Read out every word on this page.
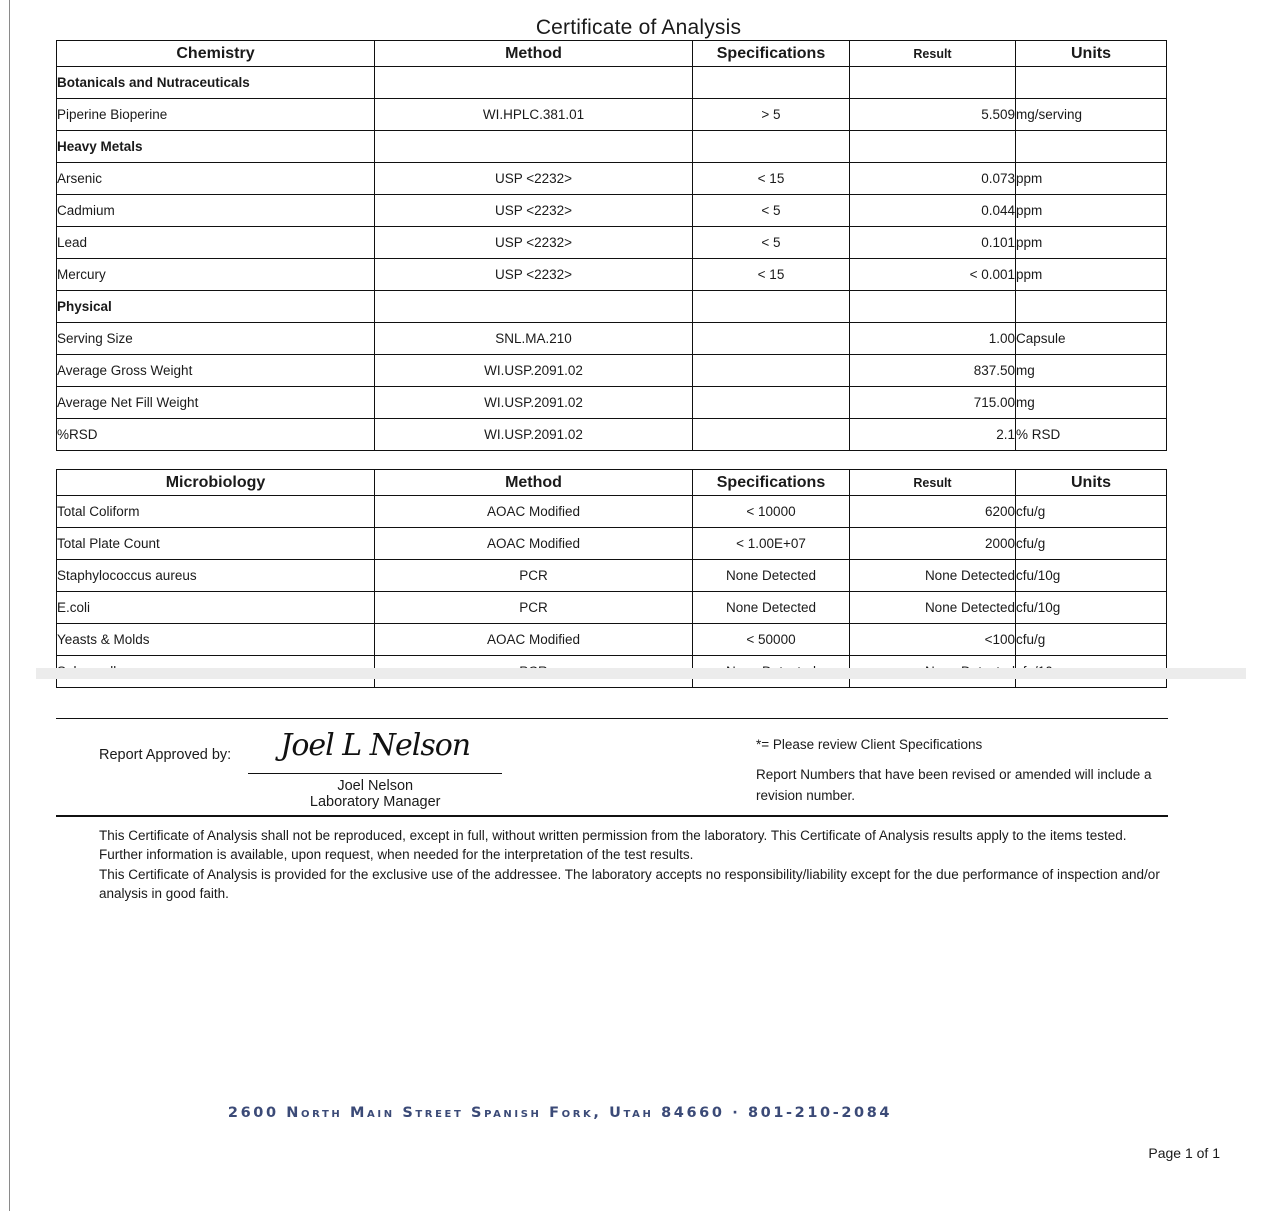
Certificate of Analysis
Chemistry	Method	Specifications	Result	Units
Botanicals and Nutraceuticals				
Piperine Bioperine	WI.HPLC.381.01	> 5	5.509	mg/serving
Heavy Metals				
Arsenic	USP <2232>	< 15	0.073	ppm
Cadmium	USP <2232>	< 5	0.044	ppm
Lead	USP <2232>	< 5	0.101	ppm
Mercury	USP <2232>	< 15	< 0.001	ppm
Physical				
Serving Size	SNL.MA.210		1.00	Capsule
Average Gross Weight	WI.USP.2091.02		837.50	mg
Average Net Fill Weight	WI.USP.2091.02		715.00	mg
%RSD	WI.USP.2091.02		2.1	% RSD
Microbiology	Method	Specifications	Result	Units
Total Coliform	AOAC Modified	< 10000	6200	cfu/g
Total Plate Count	AOAC Modified	< 1.00E+07	2000	cfu/g
Staphylococcus aureus	PCR	None Detected	None Detected	cfu/10g
E.coli	PCR	None Detected	None Detected	cfu/10g
Yeasts & Molds	AOAC Modified	< 50000	<100	cfu/g

Report Approved by:	Joel L Nelson
Joel Nelson
Laboratory Manager
*= Please review Client Specifications
Report Numbers that have been revised or amended will include a revision number.

This Certificate of Analysis shall not be reproduced, except in full, without written permission from the laboratory. This Certificate of Analysis results apply to the items tested. Further information is available, upon request, when needed for the interpretation of the test results.

This Certificate of Analysis is provided for the exclusive use of the addressee. The laboratory accepts no responsibility/liability except for the due performance of inspection and/or analysis in good faith.

2600 North Main Street Spanish Fork, Utah 84660 · 801-210-2084
Page 1 of 1
